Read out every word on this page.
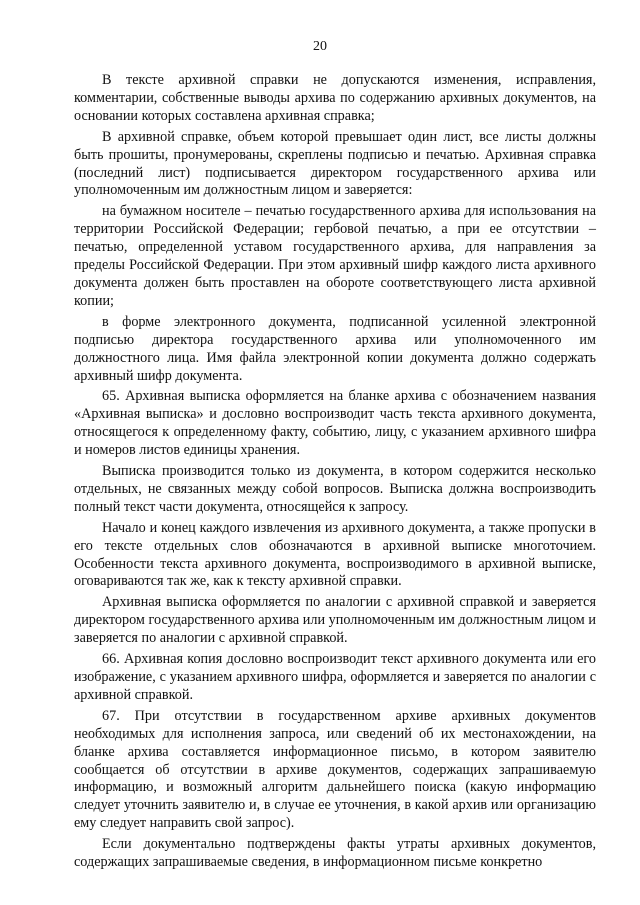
20

В тексте архивной справки не допускаются изменения, исправления, комментарии, собственные выводы архива по содержанию архивных документов, на основании которых составлена архивная справка;

В архивной справке, объем которой превышает один лист, все листы должны быть прошиты, пронумерованы, скреплены подписью и печатью. Архивная справка (последний лист) подписывается директором государственного архива или уполномоченным им должностным лицом и заверяется:

на бумажном носителе – печатью государственного архива для использования на территории Российской Федерации; гербовой печатью, а при ее отсутствии – печатью, определенной уставом государственного архива, для направления за пределы Российской Федерации. При этом архивный шифр каждого листа архивного документа должен быть проставлен на обороте соответствующего листа архивной копии;

в форме электронного документа, подписанной усиленной электронной подписью директора государственного архива или уполномоченного им должностного лица. Имя файла электронной копии документа должно содержать архивный шифр документа.

65. Архивная выписка оформляется на бланке архива с обозначением названия «Архивная выписка» и дословно воспроизводит часть текста архивного документа, относящегося к определенному факту, событию, лицу, с указанием архивного шифра и номеров листов единицы хранения.

Выписка производится только из документа, в котором содержится несколько отдельных, не связанных между собой вопросов. Выписка должна воспроизводить полный текст части документа, относящейся к запросу.

Начало и конец каждого извлечения из архивного документа, а также пропуски в его тексте отдельных слов обозначаются в архивной выписке многоточием. Особенности текста архивного документа, воспроизводимого в архивной выписке, оговариваются так же, как к тексту архивной справки.

Архивная выписка оформляется по аналогии с архивной справкой и заверяется директором государственного архива или уполномоченным им должностным лицом и заверяется по аналогии с архивной справкой.

66. Архивная копия дословно воспроизводит текст архивного документа или его изображение, с указанием архивного шифра, оформляется и заверяется по аналогии с архивной справкой.

67. При отсутствии в государственном архиве архивных документов необходимых для исполнения запроса, или сведений об их местонахождении, на бланке архива составляется информационное письмо, в котором заявителю сообщается об отсутствии в архиве документов, содержащих запрашиваемую информацию, и возможный алгоритм дальнейшего поиска (какую информацию следует уточнить заявителю и, в случае ее уточнения, в какой архив или организацию ему следует направить свой запрос).

Если документально подтверждены факты утраты архивных документов, содержащих запрашиваемые сведения, в информационном письме конкретно
